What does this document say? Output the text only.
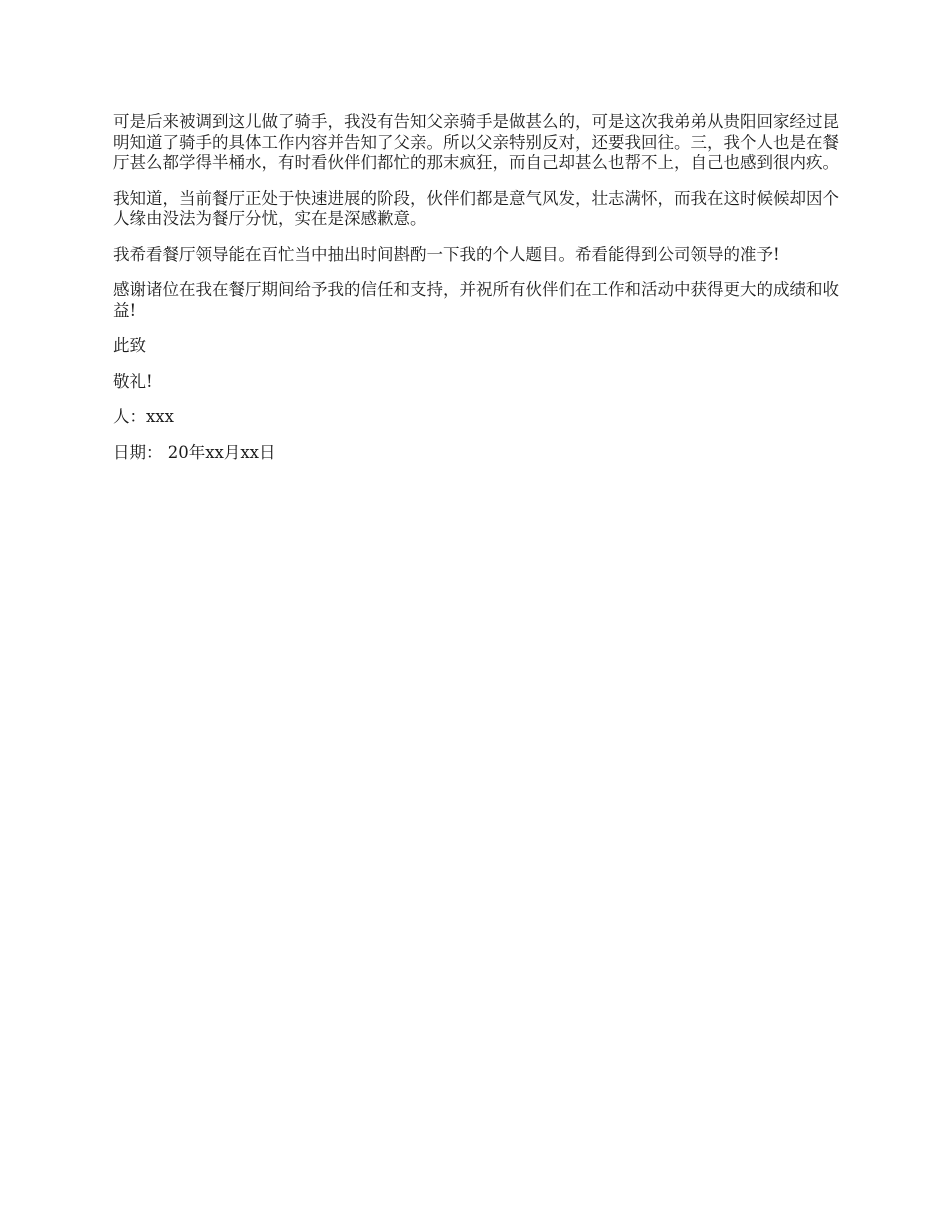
可是后来被调到这儿做了骑手，我没有告知父亲骑手是做甚么的，可是这次我弟弟从贵阳回家经过昆明知道了骑手的具体工作内容并告知了父亲。所以父亲特别反对，还要我回往。三，我个人也是在餐厅甚么都学得半桶水，有时看伙伴们都忙的那末疯狂，而自己却甚么也帮不上，自己也感到很内疚。

我知道，当前餐厅正处于快速进展的阶段，伙伴们都是意气风发，壮志满怀，而我在这时候候却因个人缘由没法为餐厅分忧，实在是深感歉意。

我希看餐厅领导能在百忙当中抽出时间斟酌一下我的个人题目。希看能得到公司领导的准予!

感谢诸位在我在餐厅期间给予我的信任和支持，并祝所有伙伴们在工作和活动中获得更大的成绩和收益!

此致

敬礼!

人：xxx

日期： 20年xx月xx日
